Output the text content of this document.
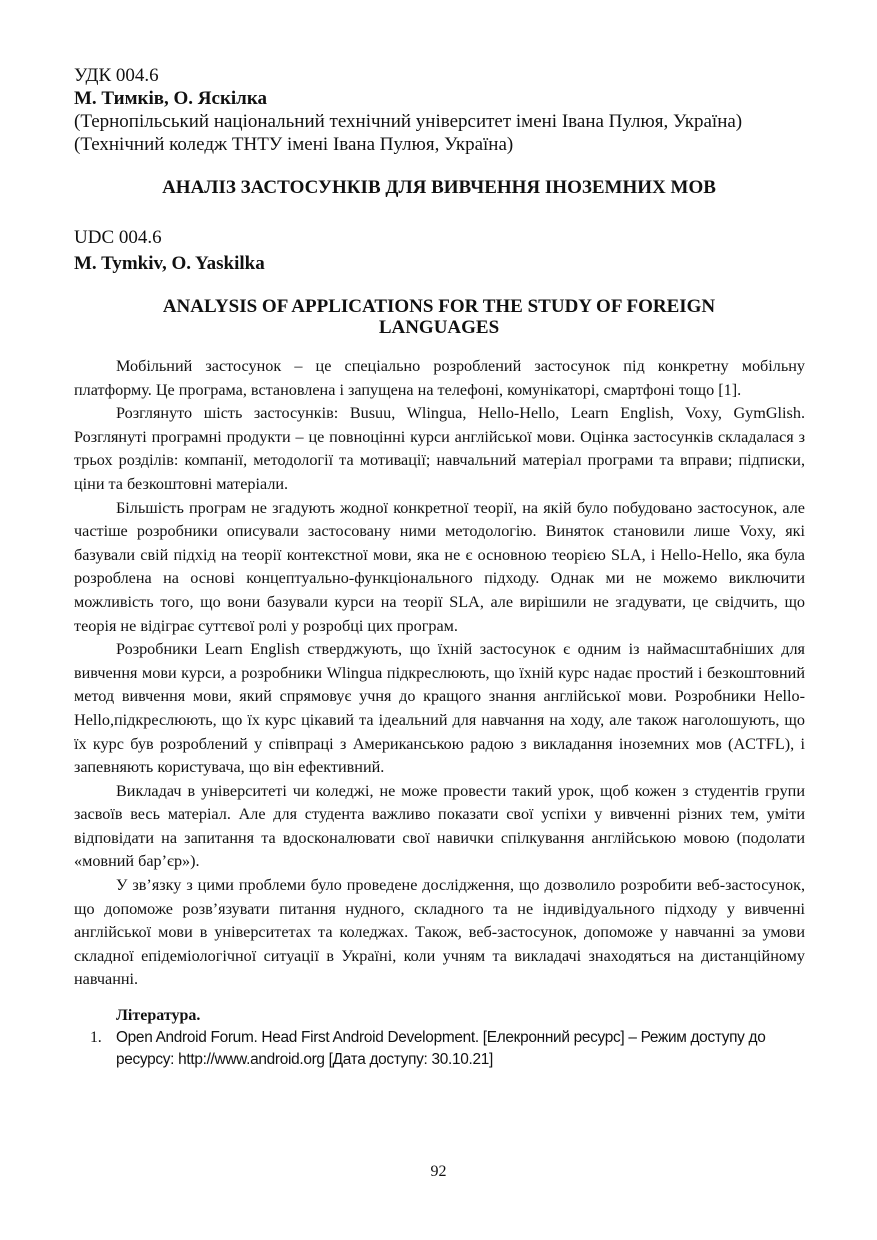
УДК 004.6
М. Тимків, О. Яскілка
(Тернопільський національний технічний університет імені Івана Пулюя, Україна)
(Технічний коледж ТНТУ імені Івана Пулюя, Україна)
АНАЛІЗ ЗАСТОСУНКІВ ДЛЯ ВИВЧЕННЯ ІНОЗЕМНИХ МОВ
UDC 004.6
M. Tymkiv, O. Yaskilka
ANALYSIS OF APPLICATIONS FOR THE STUDY OF FOREIGN LANGUAGES

Мобільний застосунок – це спеціально розроблений застосунок під конкретну мобільну платформу. Це програма, встановлена і запущена на телефоні, комунікаторі, смартфоні тощо [1].

Розглянуто шість застосунків: Busuu, Wlingua, Hello-Hello, Learn English, Voxy, GymGlish. Розглянуті програмні продукти – це повноцінні курси англійської мови. Оцінка застосунків складалася з трьох розділів: компанії, методології та мотивації; навчальний матеріал програми та вправи; підписки, ціни та безкоштовні матеріали.

Більшість програм не згадують жодної конкретної теорії, на якій було побудовано застосунок, але частіше розробники описували застосовану ними методологію. Виняток становили лише Voxy, які базували свій підхід на теорії контекстної мови, яка не є основною теорією SLA, і Hello-Hello, яка була розроблена на основі концептуально-функціонального підходу. Однак ми не можемо виключити можливість того, що вони базували курси на теорії SLA, але вирішили не згадувати, це свідчить, що теорія не відіграє суттєвої ролі у розробці цих програм.

Розробники Learn English стверджують, що їхній застосунок є одним із наймасштабніших для вивчення мови курси, а розробники Wlingua підкреслюють, що їхній курс надає простий і безкоштовний метод вивчення мови, який спрямовує учня до кращого знання англійської мови. Розробники Hello-Hello,підкреслюють, що їх курс цікавий та ідеальний для навчання на ходу, але також наголошують, що їх курс був розроблений у співпраці з Американською радою з викладання іноземних мов (ACTFL), і запевняють користувача, що він ефективний.

Викладач в університеті чи коледжі, не може провести такий урок, щоб кожен з студентів групи засвоїв весь матеріал. Але для студента важливо показати свої успіхи у вивченні різних тем, уміти відповідати на запитання та вдосконалювати свої навички спілкування англійською мовою (подолати «мовний бар’єр»).

У зв’язку з цими проблеми було проведене дослідження, що дозволило розробити веб-застосунок, що допоможе розв’язувати питання нудного, складного та не індивідуального підходу у вивченні англійської мови в університетах та коледжах. Також, веб-застосунок, допоможе у навчанні за умови складної епідеміологічної ситуації в Україні, коли учням та викладачі знаходяться на дистанційному навчанні.

Література.
1. Open Android Forum. Head First Android Development. [Елекронний ресурс] – Режим доступу до ресурсу: http://www.android.org [Дата доступу: 30.10.21]
92
